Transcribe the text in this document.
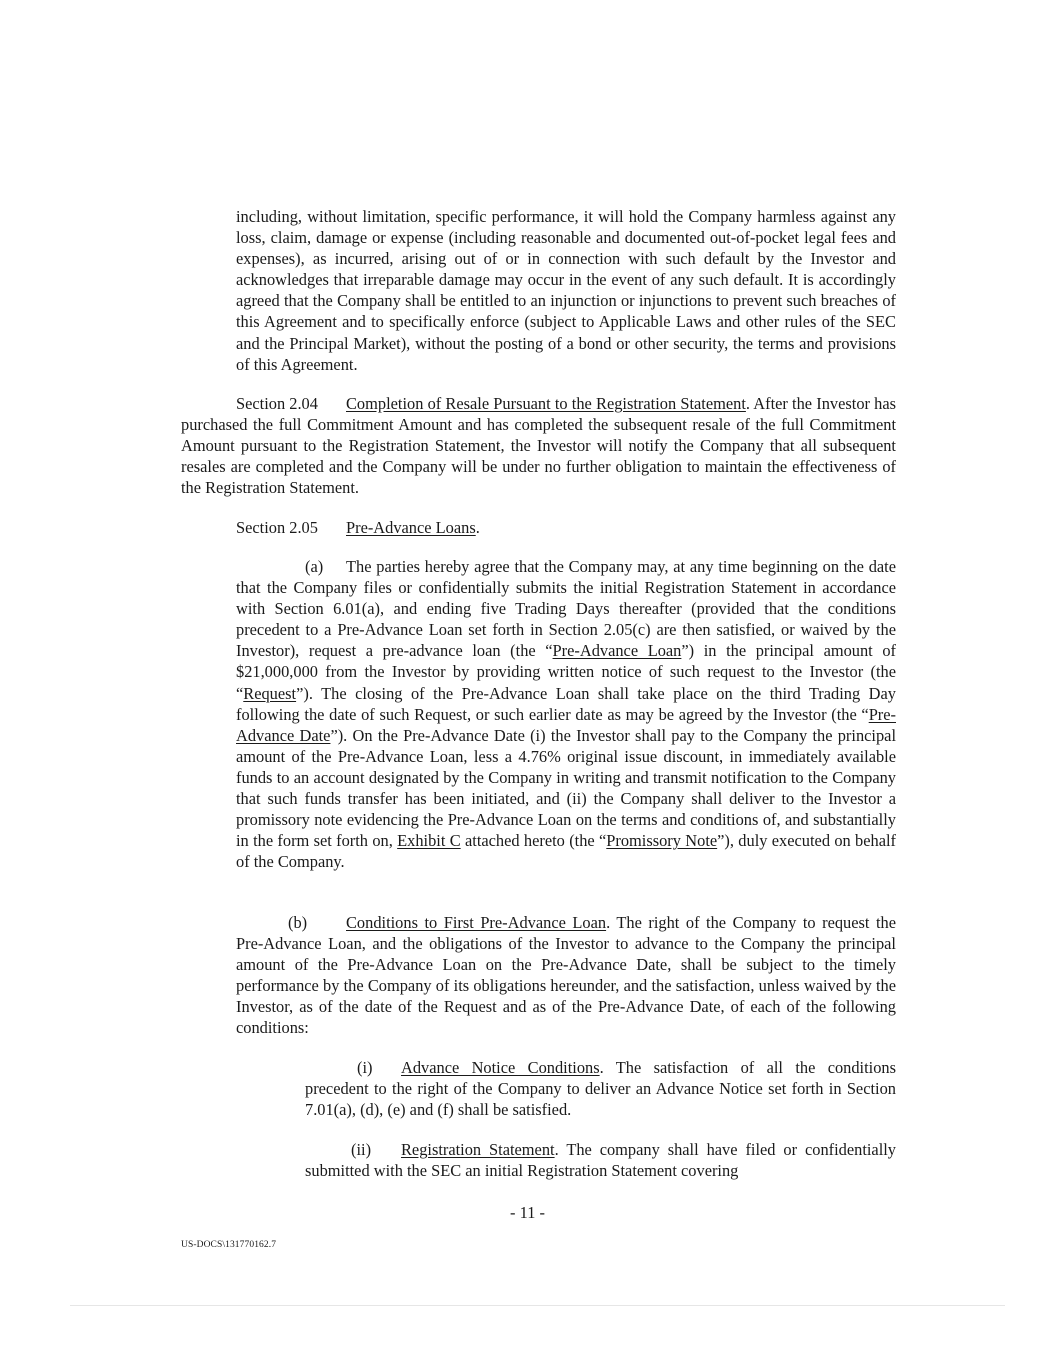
including, without limitation, specific performance, it will hold the Company harmless against any loss, claim, damage or expense (including reasonable and documented out-of-pocket legal fees and expenses), as incurred, arising out of or in connection with such default by the Investor and acknowledges that irreparable damage may occur in the event of any such default. It is accordingly agreed that the Company shall be entitled to an injunction or injunctions to prevent such breaches of this Agreement and to specifically enforce (subject to Applicable Laws and other rules of the SEC and the Principal Market), without the posting of a bond or other security, the terms and provisions of this Agreement.

Section 2.04 Completion of Resale Pursuant to the Registration Statement. After the Investor has purchased the full Commitment Amount and has completed the subsequent resale of the full Commitment Amount pursuant to the Registration Statement, the Investor will notify the Company that all subsequent resales are completed and the Company will be under no further obligation to maintain the effectiveness of the Registration Statement.

Section 2.05 Pre-Advance Loans.

(a) The parties hereby agree that the Company may, at any time beginning on the date that the Company files or confidentially submits the initial Registration Statement in accordance with Section 6.01(a), and ending five Trading Days thereafter (provided that the conditions precedent to a Pre-Advance Loan set forth in Section 2.05(c) are then satisfied, or waived by the Investor), request a pre-advance loan (the “Pre-Advance Loan”) in the principal amount of $21,000,000 from the Investor by providing written notice of such request to the Investor (the “Request”). The closing of the Pre-Advance Loan shall take place on the third Trading Day following the date of such Request, or such earlier date as may be agreed by the Investor (the “Pre-Advance Date”). On the Pre-Advance Date (i) the Investor shall pay to the Company the principal amount of the Pre-Advance Loan, less a 4.76% original issue discount, in immediately available funds to an account designated by the Company in writing and transmit notification to the Company that such funds transfer has been initiated, and (ii) the Company shall deliver to the Investor a promissory note evidencing the Pre-Advance Loan on the terms and conditions of, and substantially in the form set forth on, Exhibit C attached hereto (the “Promissory Note”), duly executed on behalf of the Company.

(b) Conditions to First Pre-Advance Loan. The right of the Company to request the Pre-Advance Loan, and the obligations of the Investor to advance to the Company the principal amount of the Pre-Advance Loan on the Pre-Advance Date, shall be subject to the timely performance by the Company of its obligations hereunder, and the satisfaction, unless waived by the Investor, as of the date of the Request and as of the Pre-Advance Date, of each of the following conditions:

(i) Advance Notice Conditions. The satisfaction of all the conditions precedent to the right of the Company to deliver an Advance Notice set forth in Section 7.01(a), (d), (e) and (f) shall be satisfied.

(ii) Registration Statement. The company shall have filed or confidentially submitted with the SEC an initial Registration Statement covering

- 11 -

US-DOCS\131770162.7
